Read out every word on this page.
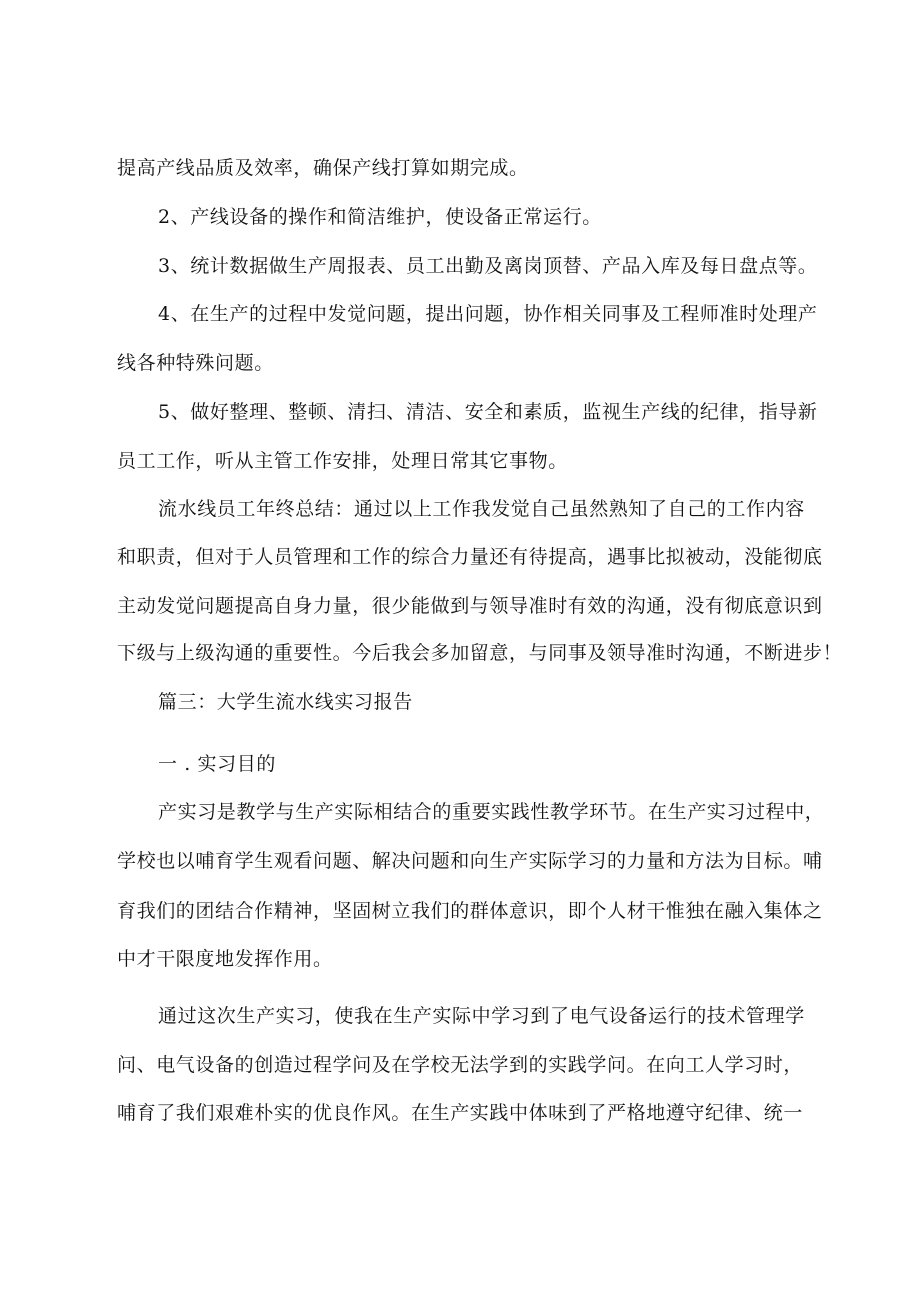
提高产线品质及效率，确保产线打算如期完成。
2、产线设备的操作和简洁维护，使设备正常运行。
3、统计数据做生产周报表、员工出勤及离岗顶替、产品入库及每日盘点等。
4、在生产的过程中发觉问题，提出问题，协作相关同事及工程师准时处理产
线各种特殊问题。
5、做好整理、整顿、清扫、清洁、安全和素质，监视生产线的纪律，指导新
员工工作，听从主管工作安排，处理日常其它事物。
流水线员工年终总结：通过以上工作我发觉自己虽然熟知了自己的工作内容
和职责，但对于人员管理和工作的综合力量还有待提高，遇事比拟被动，没能彻底
主动发觉问题提高自身力量，很少能做到与领导准时有效的沟通，没有彻底意识到
下级与上级沟通的重要性。今后我会多加留意，与同事及领导准时沟通，不断进步！
篇三：大学生流水线实习报告
一 . 实习目的
产实习是教学与生产实际相结合的重要实践性教学环节。在生产实习过程中，
学校也以哺育学生观看问题、解决问题和向生产实际学习的力量和方法为目标。哺
育我们的团结合作精神，坚固树立我们的群体意识，即个人材干惟独在融入集体之
中才干限度地发挥作用。
通过这次生产实习，使我在生产实际中学习到了电气设备运行的技术管理学
问、电气设备的创造过程学问及在学校无法学到的实践学问。在向工人学习时，
哺育了我们艰难朴实的优良作风。在生产实践中体味到了严格地遵守纪律、统一
